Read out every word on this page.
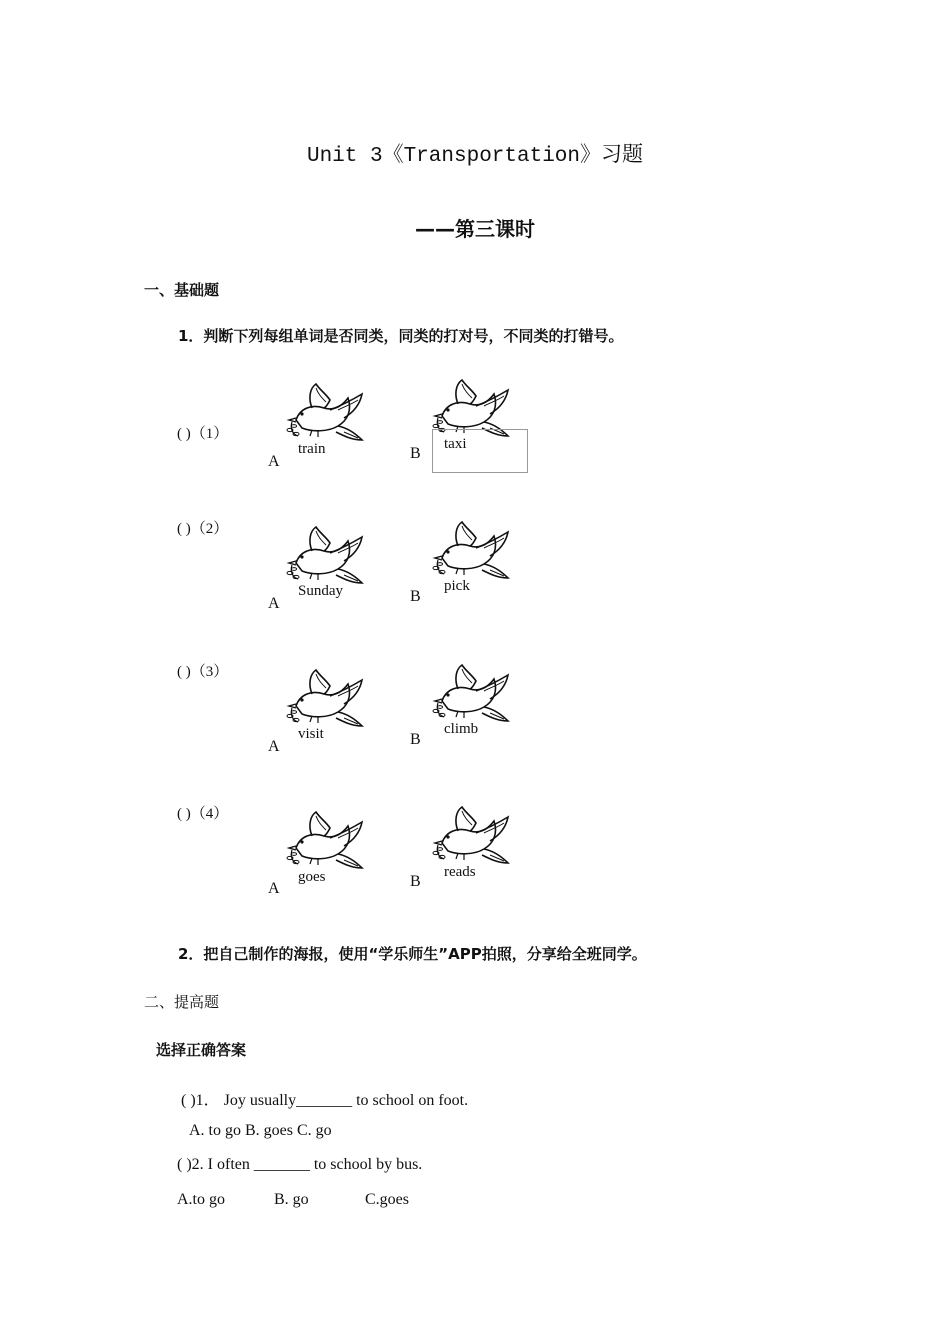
Unit 3《Transportation》习题
——第三课时
一、基础题
1．判断下列每组单词是否同类，同类的打对号，不同类的打错号。
( )（1）
train
A
taxi
B
( )（2）
Sunday
A
pick
B
( )（3）
visit
A
climb
B
( )（4）
goes
A
reads
B
2．把自己制作的海报，使用“学乐师生”APP拍照，分享给全班同学。
二、提高题
选择正确答案
( )1． Joy usually_______ to school on foot.
A. to go B. goes C. go
( )2. I often _______ to school by bus.
A.to go	B. go	C.goes
